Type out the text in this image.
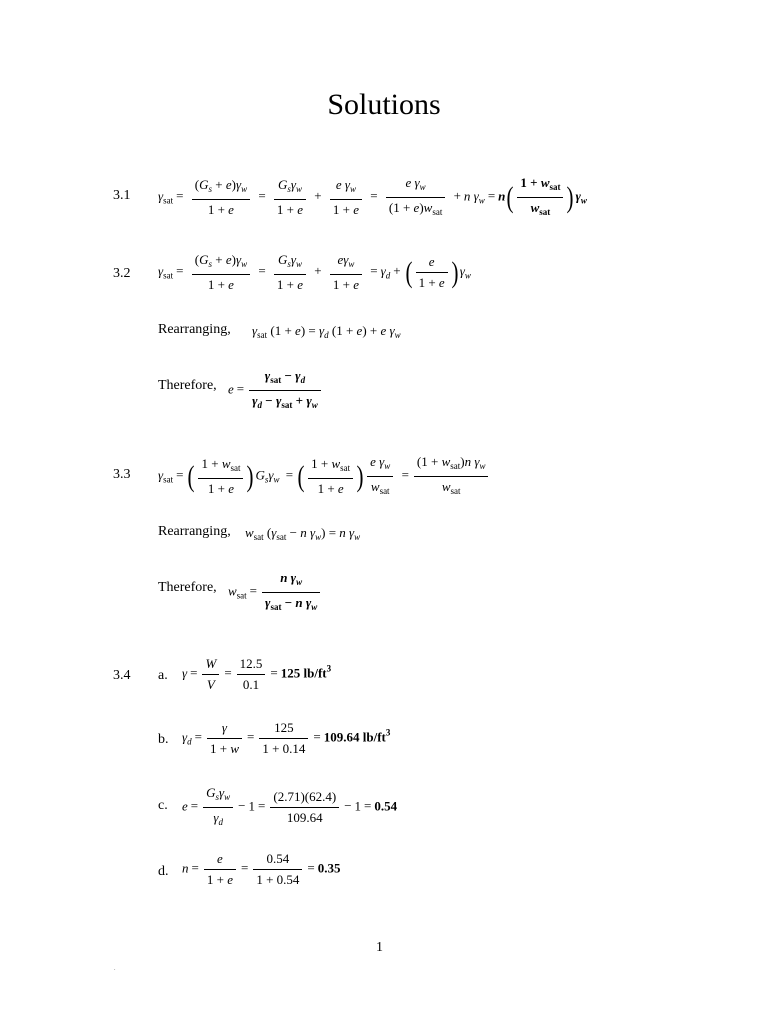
Solutions
3.1 $\gamma_{sat} = \frac{(G_s + e)\gamma_w}{1 + e} = \frac{G_s\gamma_w}{1 + e} + \frac{e \gamma_w}{1 + e} = \frac{e \gamma_w}{(1 + e)w_{sat}} + n$ $\gamma_w = n( \frac{1 + w_{sat}}{w_{sat}}$ ) $\gamma_w$
3.2 $\gamma_{sat} = \frac{(G_s + e)\gamma_w}{1 + e} = \frac{G_s\gamma_w}{1 + e} + \frac{e\gamma_w}{1 + e} = \gamma_d$ + ( $\frac{e}{1 + e}$ ) $\gamma_w$
Rearranging, $\gamma_{sat}$ $(1 + e) = \gamma_d$ (1 + e) + e $\gamma_w$
Therefore, $e = \frac{\gamma_{sat} - \gamma_d}{\gamma_d - \gamma_{sat} + \gamma_w}$
3.3 $\gamma_{sat}$ = ( $\frac{1 + w_{sat}}{1 + e}$ ) $G_s\gamma_w$ = ( $\frac{1 + w_{sat}}{1 + e}$ ) $\frac{e \gamma_w}{w_{sat}} = \frac{(1 + w_{sat})n \gamma_w}{w_{sat}}$
Rearranging, $w_{sat}$ ($\gamma_{sat} - n$ $\gamma_w) = n$ $\gamma_w$
Therefore, $w_{sat} = \frac{n \gamma_w}{\gamma_{sat} - n \gamma_w}$
3.4 a. $\gamma = \frac{W}{V} = \frac{12.5}{0.1} = 125$ $lb/ft^3$
b. $\gamma_d = \frac{\gamma}{1 + w} = \frac{125}{1 + 0.14} = 109.64$ $lb/ft^3$
c. $e = \frac{G_s\gamma_w}{\gamma_d} - 1 = \frac{(2.71)(62.4)}{109.64} - 1 = 0.54$
d. $n = \frac{e}{1 + e} = \frac{0.54}{1 + 0.54} = 0.35$
1
.
